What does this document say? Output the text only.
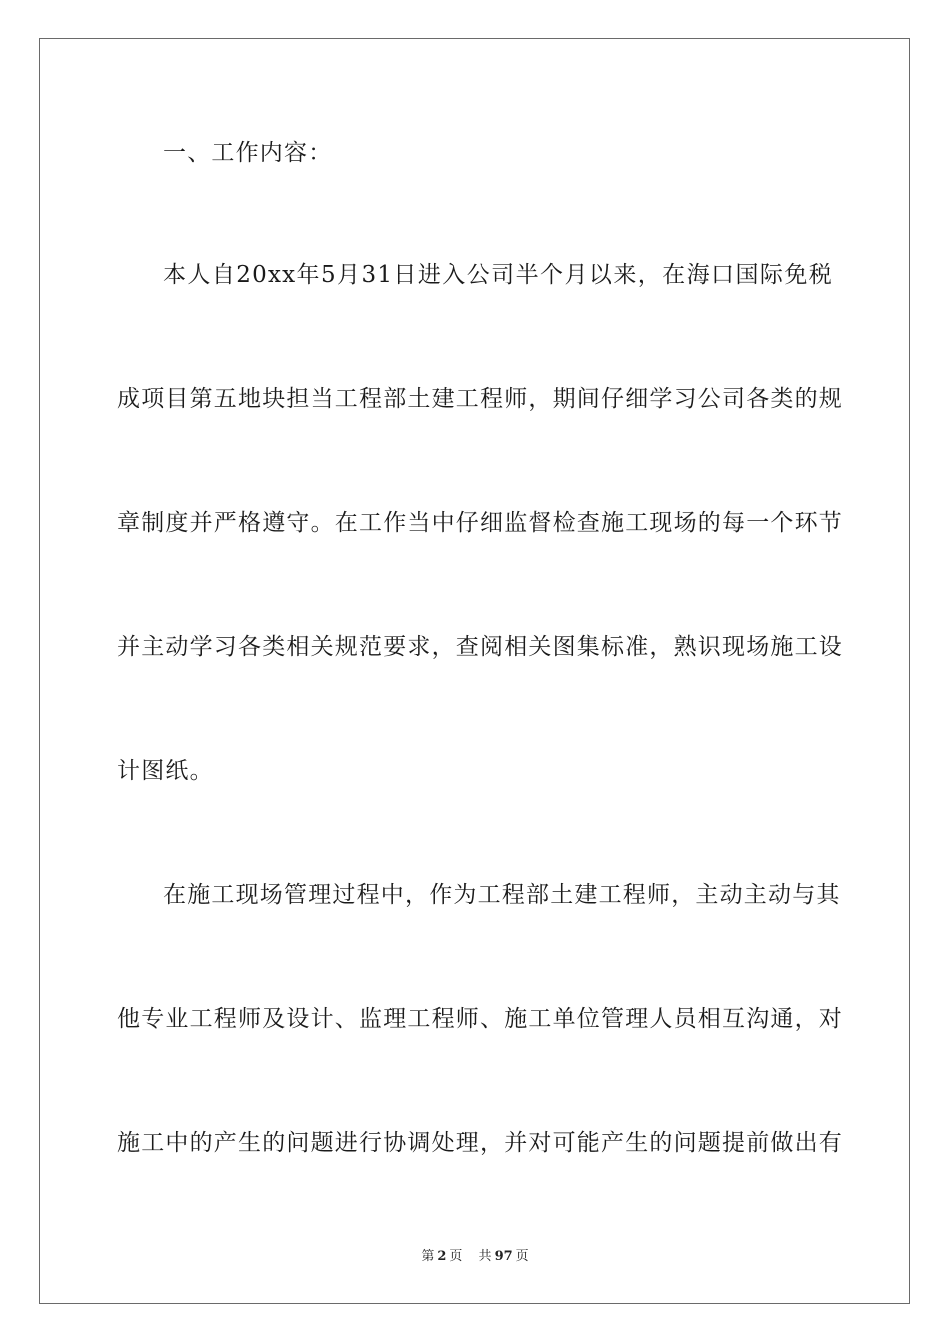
一、工作内容：
本人自20xx年5月31日进入公司半个月以来，在海口国际免税
成项目第五地块担当工程部土建工程师，期间仔细学习公司各类的规
章制度并严格遵守。在工作当中仔细监督检查施工现场的每一个环节
并主动学习各类相关规范要求，查阅相关图集标准，熟识现场施工设
计图纸。
在施工现场管理过程中，作为工程部土建工程师，主动主动与其
他专业工程师及设计、监理工程师、施工单位管理人员相互沟通，对
施工中的产生的问题进行协调处理，并对可能产生的问题提前做出有
第 2 页 共 97 页
